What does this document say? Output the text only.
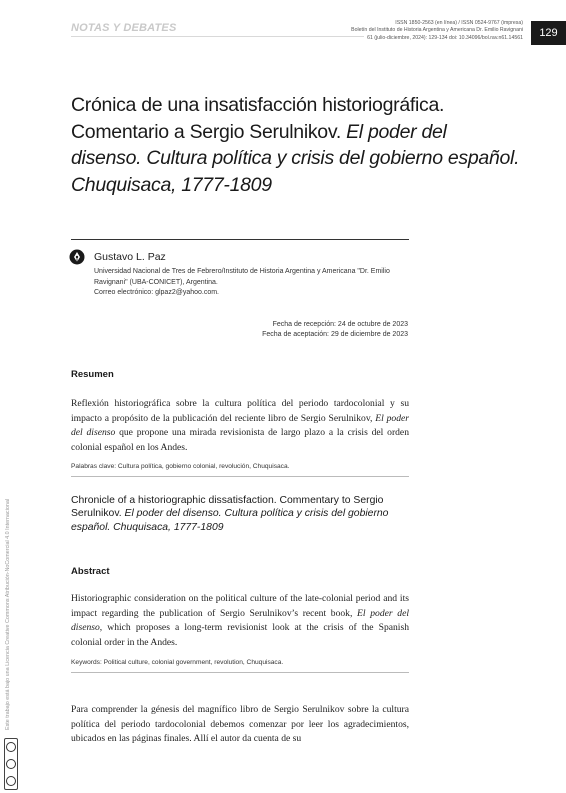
NOTAS Y DEBATES	ISSN 1850-2563 (en línea) / ISSN 0524-9767 (impresa)
Boletín del Instituto de Historia Argentina y Americana Dr. Emilio Ravignani
61 (julio-diciembre, 2024): 129-134 doi: 10.34096/bol.rav.n61.14561	129
Crónica de una insatisfacción historiográfica. Comentario a Sergio Serulnikov. El poder del disenso. Cultura política y crisis del gobierno español. Chuquisaca, 1777-1809
Gustavo L. Paz
Universidad Nacional de Tres de Febrero/Instituto de Historia Argentina y Americana "Dr. Emilio
Ravignani" (UBA-CONICET), Argentina.
Correo electrónico: glpaz2@yahoo.com.
Fecha de recepción: 24 de octubre de 2023
Fecha de aceptación: 29 de diciembre de 2023
Resumen
Reflexión historiográfica sobre la cultura política del periodo tardocolonial y su impacto a propósito de la publicación del reciente libro de Sergio Serulnikov, El poder del disenso que propone una mirada revisionista de largo plazo a la crisis del orden colonial español en los Andes.
Palabras clave: Cultura política, gobierno colonial, revolución, Chuquisaca.
Chronicle of a historiographic dissatisfaction. Commentary to Sergio Serulnikov. El poder del disenso. Cultura política y crisis del gobierno español. Chuquisaca, 1777-1809
Abstract
Historiographic consideration on the political culture of the late-colonial period and its impact regarding the publication of Sergio Serulnikov’s recent book, El poder del disenso, which proposes a long-term revisionist look at the crisis of the Spanish colonial order in the Andes.
Keywords: Political culture, colonial government, revolution, Chuquisaca.
Para comprender la génesis del magnífico libro de Sergio Serulnikov sobre la cultura política del periodo tardocolonial debemos comenzar por leer los agradecimientos, ubicados en las páginas finales. Allí el autor da cuenta de su
Este trabajo está bajo una Licencia Creative Commons Atribución-NoComercial 4.0 Internacional
